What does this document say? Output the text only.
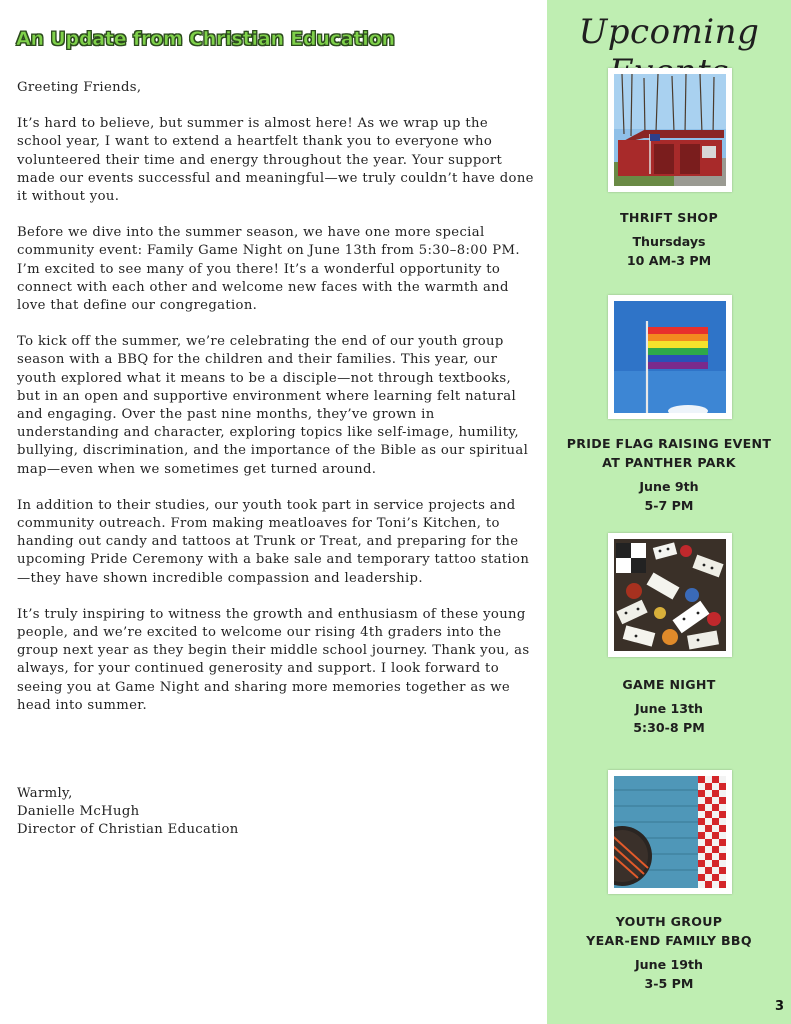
An Update from Christian Education

Greeting Friends,

It’s hard to believe, but summer is almost here! As we wrap up the school year, I want to extend a heartfelt thank you to everyone who volunteered their time and energy throughout the year. Your support made our events successful and meaningful—we truly couldn’t have done it without you.

Before we dive into the summer season, we have one more special community event: Family Game Night on June 13th from 5:30–8:00 PM. I’m excited to see many of you there! It’s a wonderful opportunity to connect with each other and welcome new faces with the warmth and love that define our congregation.

To kick off the summer, we’re celebrating the end of our youth group season with a BBQ for the children and their families. This year, our youth explored what it means to be a disciple—not through textbooks, but in an open and supportive environment where learning felt natural and engaging. Over the past nine months, they’ve grown in understanding and character, exploring topics like self-image, humility, bullying, discrimination, and the importance of the Bible as our spiritual map—even when we sometimes get turned around.

In addition to their studies, our youth took part in service projects and community outreach. From making meatloaves for Toni’s Kitchen, to handing out candy and tattoos at Trunk or Treat, and preparing for the upcoming Pride Ceremony with a bake sale and temporary tattoo station—they have shown incredible compassion and leadership.

It’s truly inspiring to witness the growth and enthusiasm of these young people, and we’re excited to welcome our rising 4th graders into the group next year as they begin their middle school journey. Thank you, as always, for your continued generosity and support. I look forward to seeing you at Game Night and sharing more memories together as we head into summer.

Warmly,
Danielle McHugh
Director of Christian Education
Upcoming
THRIFT SHOP
Thursdays
10 AM-3 PM
PRIDE FLAG RAISING EVENT
AT PANTHER PARK
June 9th
5-7 PM
GAME NIGHT
June 13th
5:30-8 PM
YOUTH GROUP
YEAR-END FAMILY BBQ
June 19th
3-5 PM
3
